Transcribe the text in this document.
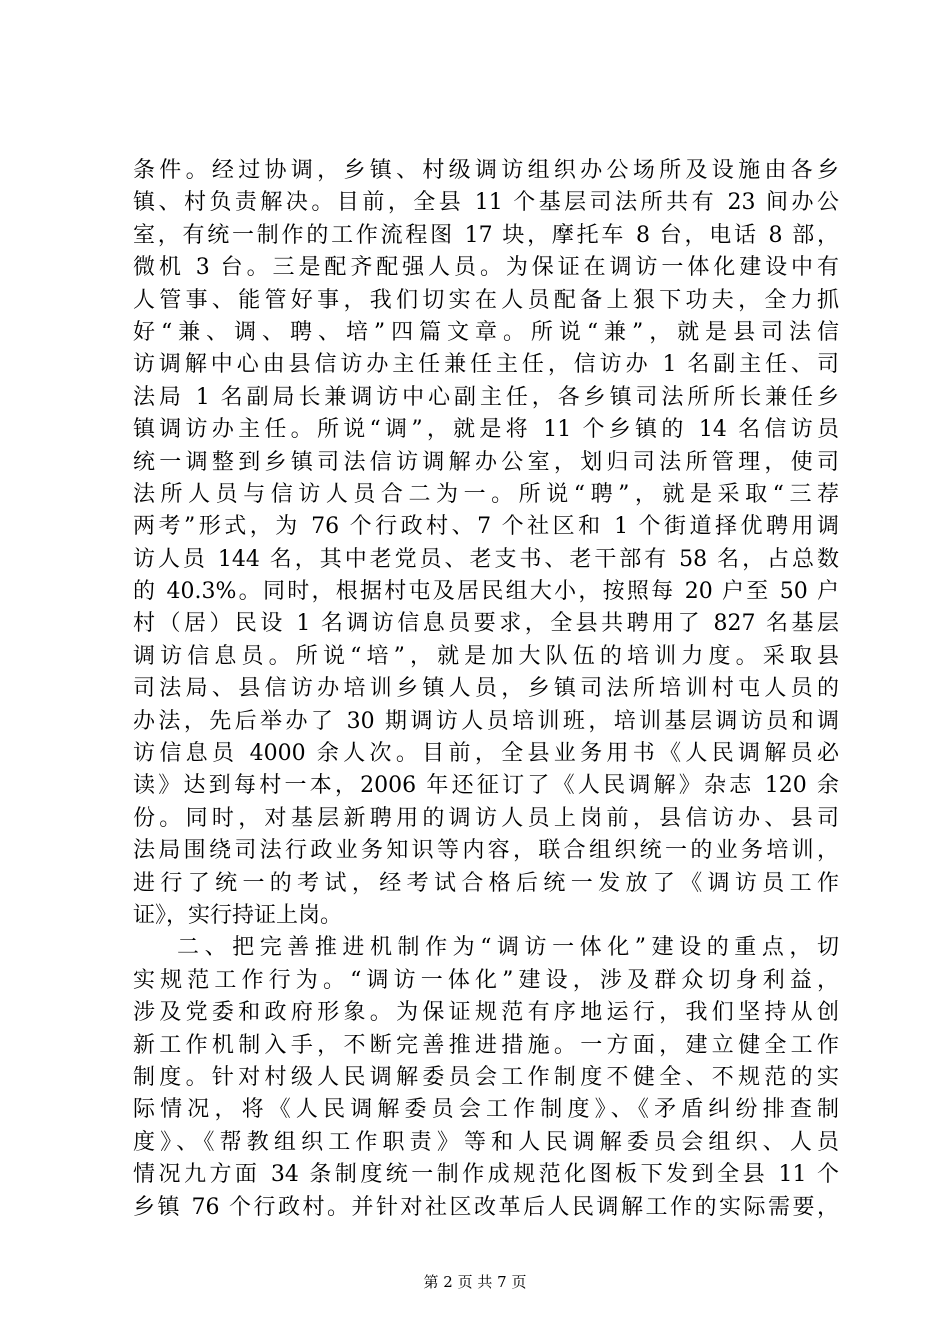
条件。经过协调，乡镇、村级调访组织办公场所及设施由各乡
镇、村负责解决。目前，全县 11 个基层司法所共有 23 间办公
室，有统一制作的工作流程图 17 块，摩托车 8 台，电话 8 部，
微机 3 台。三是配齐配强人员。为保证在调访一体化建设中有
人管事、能管好事，我们切实在人员配备上狠下功夫，全力抓
好“兼、调、聘、培”四篇文章。所说“兼”，就是县司法信
访调解中心由县信访办主任兼任主任，信访办 1 名副主任、司
法局 1 名副局长兼调访中心副主任，各乡镇司法所所长兼任乡
镇调访办主任。所说“调”，就是将 11 个乡镇的 14 名信访员
统一调整到乡镇司法信访调解办公室，划归司法所管理，使司
法所人员与信访人员合二为一。所说“聘”，就是采取“三荐
两考”形式，为 76 个行政村、7 个社区和 1 个街道择优聘用调
访人员 144 名，其中老党员、老支书、老干部有 58 名，占总数
的 40.3%。同时，根据村屯及居民组大小，按照每 20 户至 50 户
村（居）民设 1 名调访信息员要求，全县共聘用了 827 名基层
调访信息员。所说“培”，就是加大队伍的培训力度。采取县
司法局、县信访办培训乡镇人员，乡镇司法所培训村屯人员的
办法，先后举办了 30 期调访人员培训班，培训基层调访员和调
访信息员 4000 余人次。目前，全县业务用书《人民调解员必
读》达到每村一本，2006 年还征订了《人民调解》杂志 120 余
份。同时，对基层新聘用的调访人员上岗前，县信访办、县司
法局围绕司法行政业务知识等内容，联合组织统一的业务培训，
进行了统一的考试，经考试合格后统一发放了《调访员工作
证》，实行持证上岗。
二、把完善推进机制作为“调访一体化”建设的重点，切
实规范工作行为。“调访一体化”建设，涉及群众切身利益，
涉及党委和政府形象。为保证规范有序地运行，我们坚持从创
新工作机制入手，不断完善推进措施。一方面，建立健全工作
制度。针对村级人民调解委员会工作制度不健全、不规范的实
际情况，将《人民调解委员会工作制度》、《矛盾纠纷排查制
度》、《帮教组织工作职责》等和人民调解委员会组织、人员
情况九方面 34 条制度统一制作成规范化图板下发到全县 11 个
乡镇 76 个行政村。并针对社区改革后人民调解工作的实际需要，
第 2 页 共 7 页
